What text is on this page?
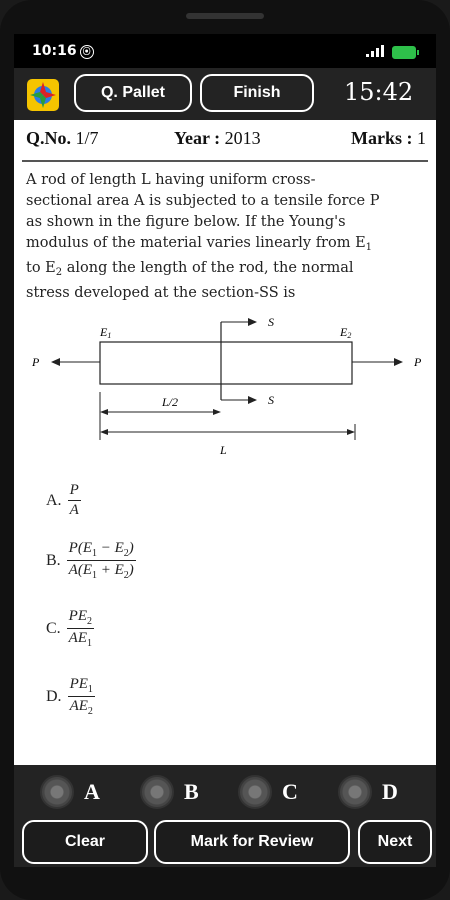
10:16 ⦿
Q. Pallet	Finish	15:42
Q.No. 1/7	Year : 2013	Marks : 1
A rod of length L having uniform cross-
sectional area A is subjected to a tensile force P
as shown in the figure below. If the Young's
modulus of the material varies linearly from $E_1$
to $E_2$ along the length of the rod, the normal
stress developed at the section-SS is
S
S
P	P
E1	E2
L/2
L
A. $\frac{P}{A}$
B. $\frac{P(E_1 - E_2)}{A(E_1 + E_2)}$
C. $\frac{PE_2}{AE_1}$
D. $\frac{PE_1}{AE_2}$
A	B	C	D
Clear	Mark for Review	Next
